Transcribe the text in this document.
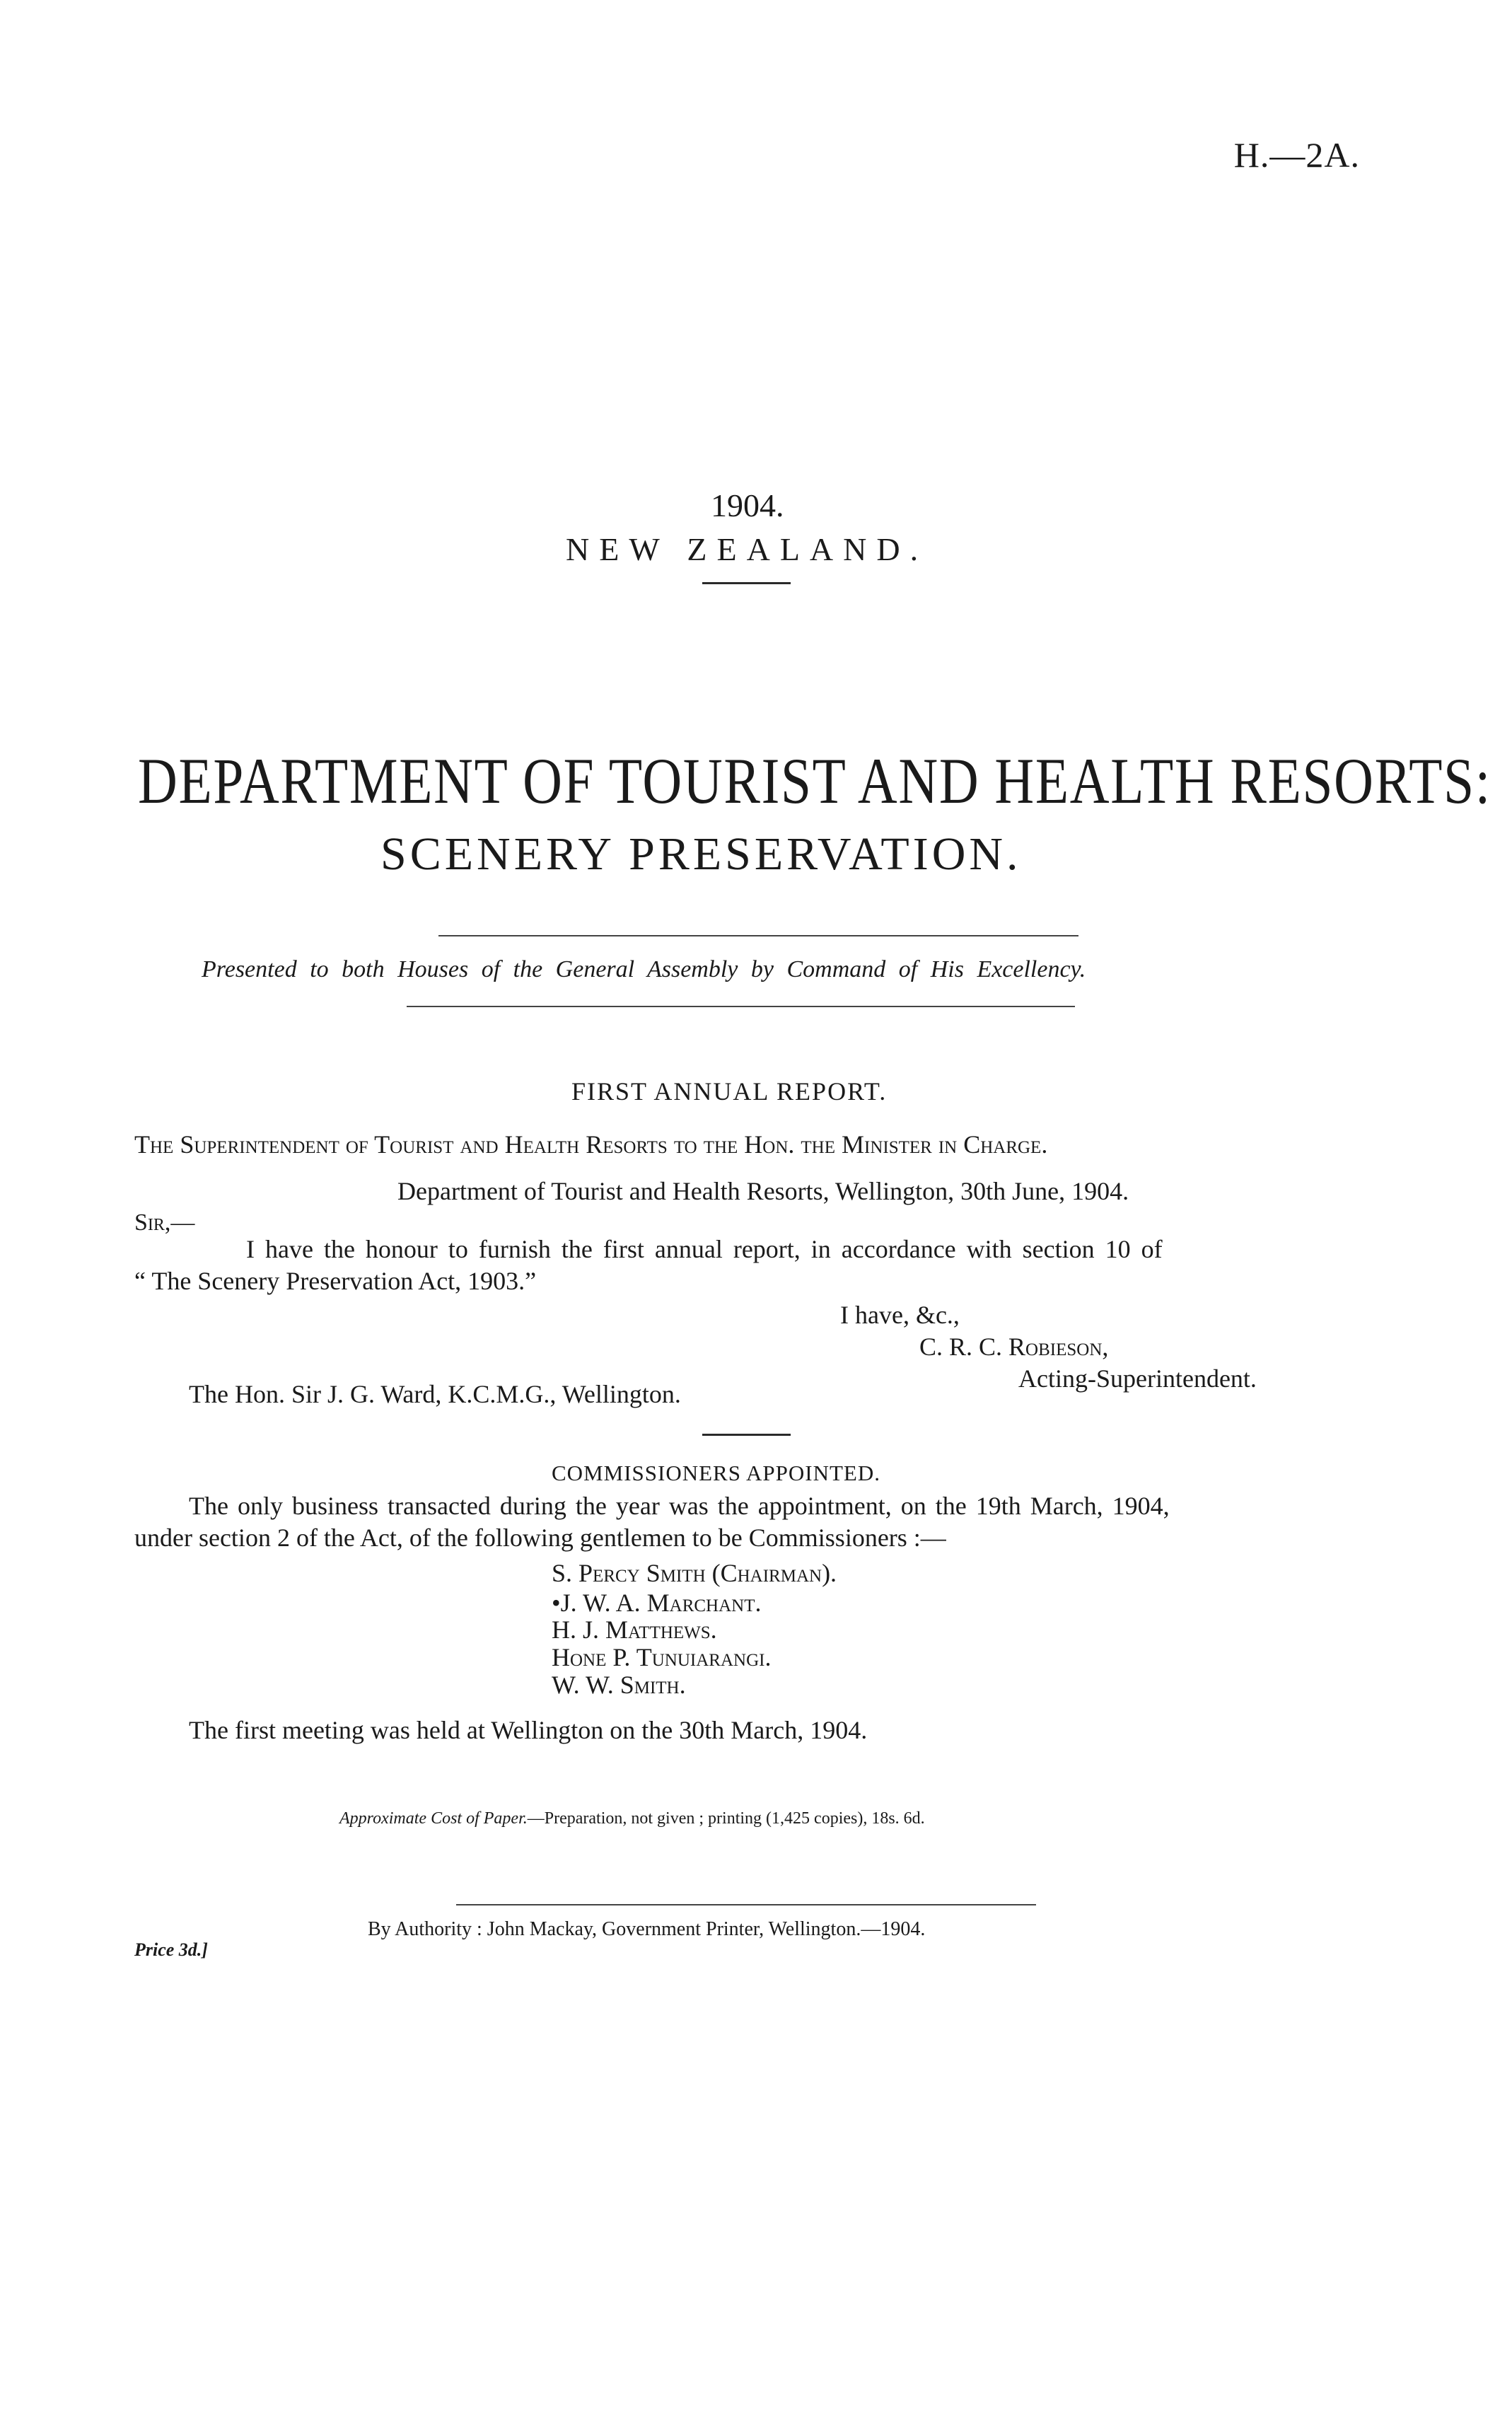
H.—2A.
1904.
NEW ZEALAND.
DEPARTMENT OF TOURIST AND HEALTH RESORTS:
SCENERY PRESERVATION.
Presented to both Houses of the General Assembly by Command of His Excellency.
FIRST ANNUAL REPORT.
The Superintendent of Tourist and Health Resorts to the Hon. the Minister in Charge.
Department of Tourist and Health Resorts, Wellington, 30th June, 1904.
Sir,—
I have the honour to furnish the first annual report, in accordance with section 10 of
“ The Scenery Preservation Act, 1903.”
I have, &c.,
C. R. C. Robieson,
Acting-Superintendent.
The Hon. Sir J. G. Ward, K.C.M.G., Wellington.
COMMISSIONERS APPOINTED.
The only business transacted during the year was the appointment, on the 19th March, 1904,
under section 2 of the Act, of the following gentlemen to be Commissioners :—
S. Percy Smith (Chairman).
•J. W. A. Marchant.
H. J. Matthews.
Hone P. Tunuiarangi.
W. W. Smith.
The first meeting was held at Wellington on the 30th March, 1904.
Approximate Cost of Paper.—Preparation, not given ; printing (1,425 copies), 18s. 6d.
By Authority : John Mackay, Government Printer, Wellington.—1904.
Price 3d.]
